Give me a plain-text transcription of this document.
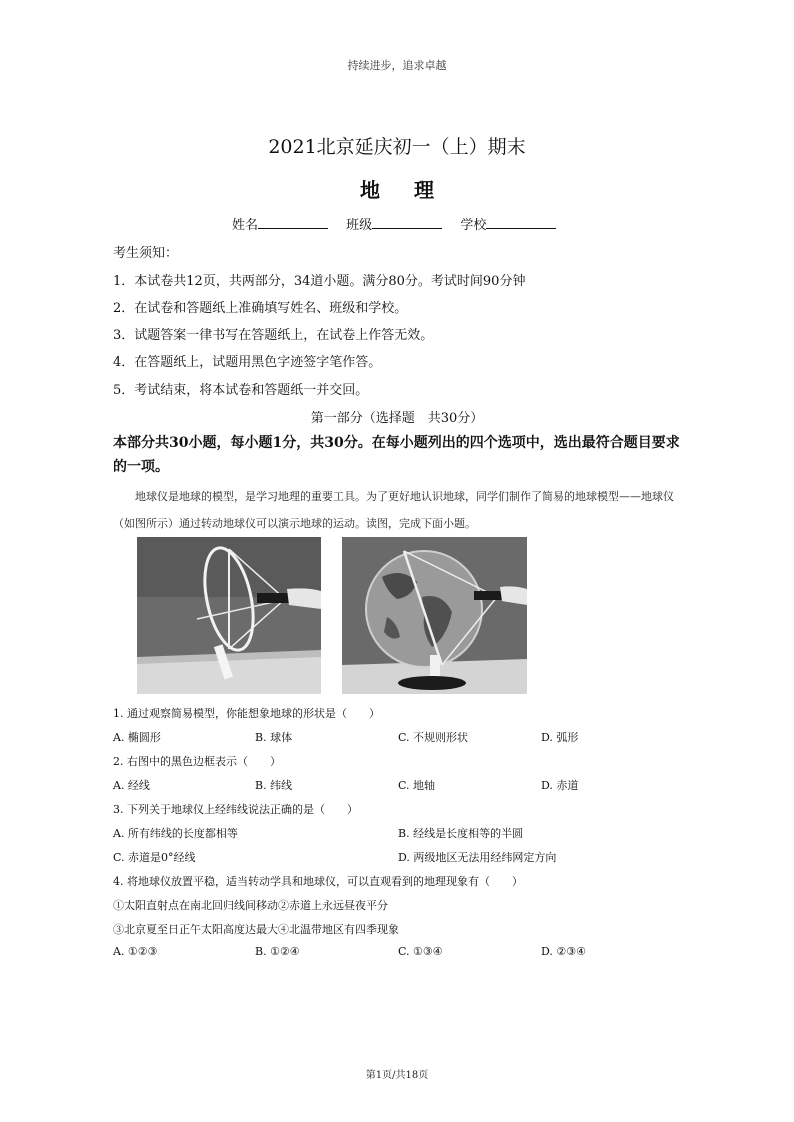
持续进步，追求卓越
2021北京延庆初一（上）期末
地理
姓名	班级	学校
考生须知：
1．本试卷共12页，共两部分，34道小题。满分80分。考试时间90分钟
2．在试卷和答题纸上准确填写姓名、班级和学校。
3．试题答案一律书写在答题纸上，在试卷上作答无效。
4．在答题纸上，试题用黑色字迹签字笔作答。
5．考试结束，将本试卷和答题纸一并交回。
第一部分（选择题　共30分）
本部分共30小题，每小题1分，共30分。在每小题列出的四个选项中，选出最符合题目要求的一项。
地球仪是地球的模型，是学习地理的重要工具。为了更好地认识地球，同学们制作了简易的地球模型——地球仪（如图所示）通过转动地球仪可以演示地球的运动。读图，完成下面小题。
1. 通过观察简易模型，你能想象地球的形状是（　　）
A. 椭圆形	B. 球体	C. 不规则形状	D. 弧形
2. 右图中的黑色边框表示（　　）
A. 经线	B. 纬线	C. 地轴	D. 赤道
3. 下列关于地球仪上经纬线说法正确的是（　　）
A. 所有纬线的长度都相等	B. 经线是长度相等的半圆
C. 赤道是0°经线	D. 两级地区无法用经纬网定方向
4. 将地球仪放置平稳，适当转动学具和地球仪，可以直观看到的地理现象有（　　）
①太阳直射点在南北回归线间移动②赤道上永远昼夜平分
③北京夏至日正午太阳高度达最大④北温带地区有四季现象
A. ①②③	B. ①②④	C. ①③④	D. ②③④
第1页/共18页
